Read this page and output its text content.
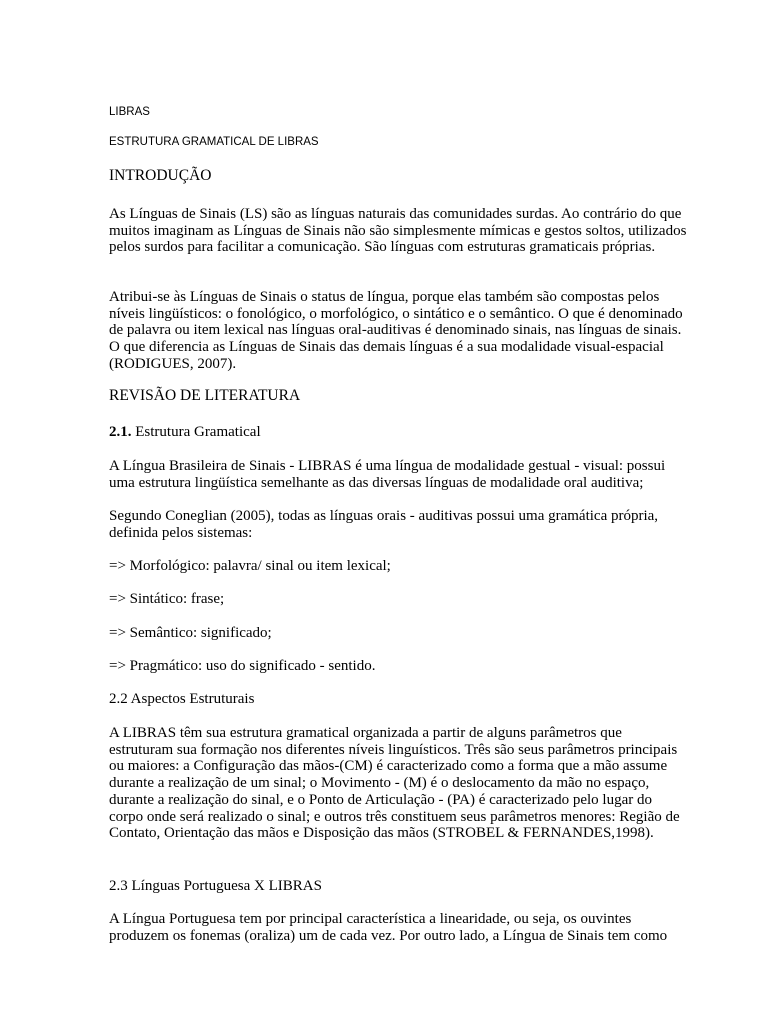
LIBRAS
ESTRUTURA GRAMATICAL DE LIBRAS

INTRODUÇÃO

As Línguas de Sinais (LS) são as línguas naturais das comunidades surdas. Ao contrário do que muitos imaginam as Línguas de Sinais não são simplesmente mímicas e gestos soltos, utilizados pelos surdos para facilitar a comunicação. São línguas com estruturas gramaticais próprias.

Atribui-se às Línguas de Sinais o status de língua, porque elas também são compostas pelos níveis lingüísticos: o fonológico, o morfológico, o sintático e o semântico. O que é denominado de palavra ou item lexical nas línguas oral-auditivas é denominado sinais, nas línguas de sinais. O que diferencia as Línguas de Sinais das demais línguas é a sua modalidade visual-espacial (RODIGUES, 2007).

REVISÃO DE LITERATURA

2.1. Estrutura Gramatical

A Língua Brasileira de Sinais - LIBRAS é uma língua de modalidade gestual - visual: possui uma estrutura lingüística semelhante as das diversas línguas de modalidade oral auditiva;

Segundo Coneglian (2005), todas as línguas orais - auditivas possui uma gramática própria, definida pelos sistemas:

=> Morfológico: palavra/ sinal ou item lexical;

=> Sintático: frase;

=> Semântico: significado;

=> Pragmático: uso do significado - sentido.

2.2 Aspectos Estruturais

A LIBRAS têm sua estrutura gramatical organizada a partir de alguns parâmetros que estruturam sua formação nos diferentes níveis linguísticos. Três são seus parâmetros principais ou maiores: a Configuração das mãos-(CM) é caracterizado como a forma que a mão assume durante a realização de um sinal; o Movimento - (M) é o deslocamento da mão no espaço, durante a realização do sinal, e o Ponto de Articulação - (PA) é caracterizado pelo lugar do corpo onde será realizado o sinal; e outros três constituem seus parâmetros menores: Região de Contato, Orientação das mãos e Disposição das mãos (STROBEL & FERNANDES,1998).

2.3 Línguas Portuguesa X LIBRAS

A Língua Portuguesa tem por principal característica a linearidade, ou seja, os ouvintes produzem os fonemas (oraliza) um de cada vez. Por outro lado, a Língua de Sinais tem como
